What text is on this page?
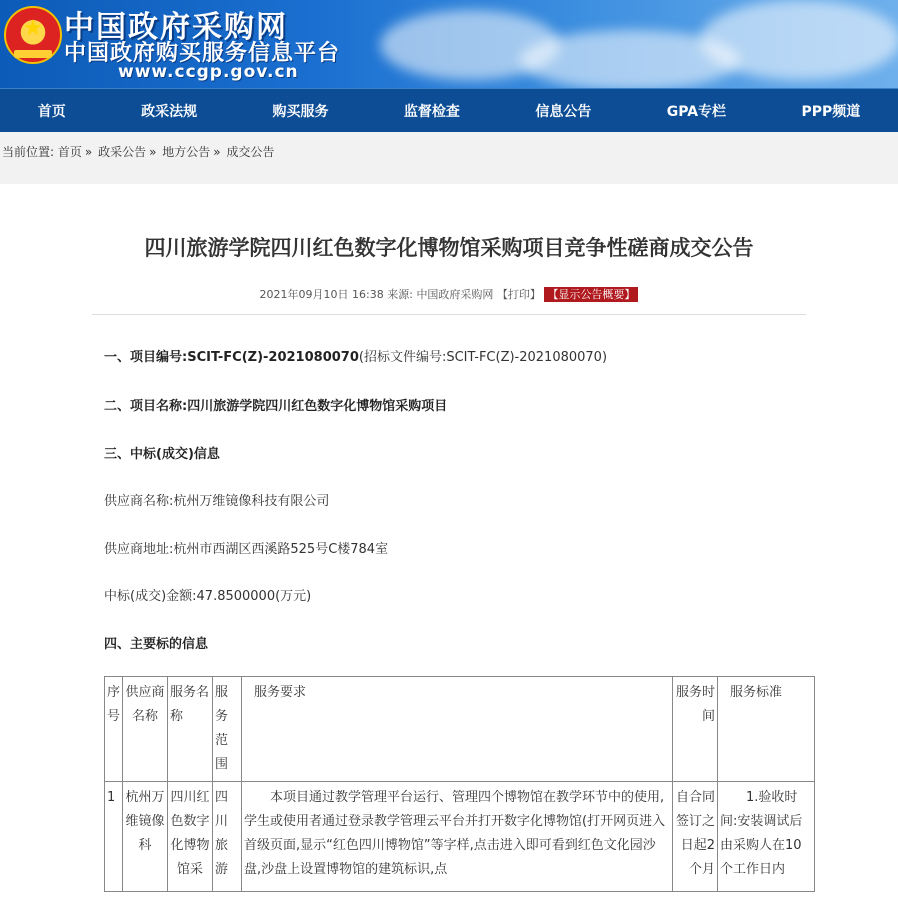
★ 中国政府采购网
中国政府购买服务信息平台
www.ccgp.gov.cn
首页	政采法规	购买服务	监督检查	信息公告	GPA专栏	PPP频道
当前位置: 首页 » 政采公告 » 地方公告 » 成交公告
四川旅游学院四川红色数字化博物馆采购项目竞争性磋商成交公告
2021年09月10日 16:38 来源: 中国政府采购网 【打印】 【显示公告概要】
一、项目编号:SCIT-FC(Z)-2021080070(招标文件编号:SCIT-FC(Z)-2021080070)
二、项目名称:四川旅游学院四川红色数字化博物馆采购项目
三、中标(成交)信息
供应商名称:杭州万维镜像科技有限公司
供应商地址:杭州市西湖区西溪路525号C楼784室
中标(成交)金额:47.8500000(万元)
四、主要标的信息
序号	供应商名称	服务名称	服务范围	服务要求	服务时间	服务标准
1	杭州万维镜像科	四川红色数字化博物馆采	四川旅游	本项目通过教学管理平台运行、管理四个博物馆在教学环节中的使用,学生或使用者通过登录教学管理云平台并打开数字化博物馆(打开网页进入首级页面,显示“红色四川博物馆”等字样,点击进入即可看到红色文化园沙盘,沙盘上设置博物馆的建筑标识,点	自合同签订之日起2个月	1.验收时间:安装调试后由采购人在10个工作日内
